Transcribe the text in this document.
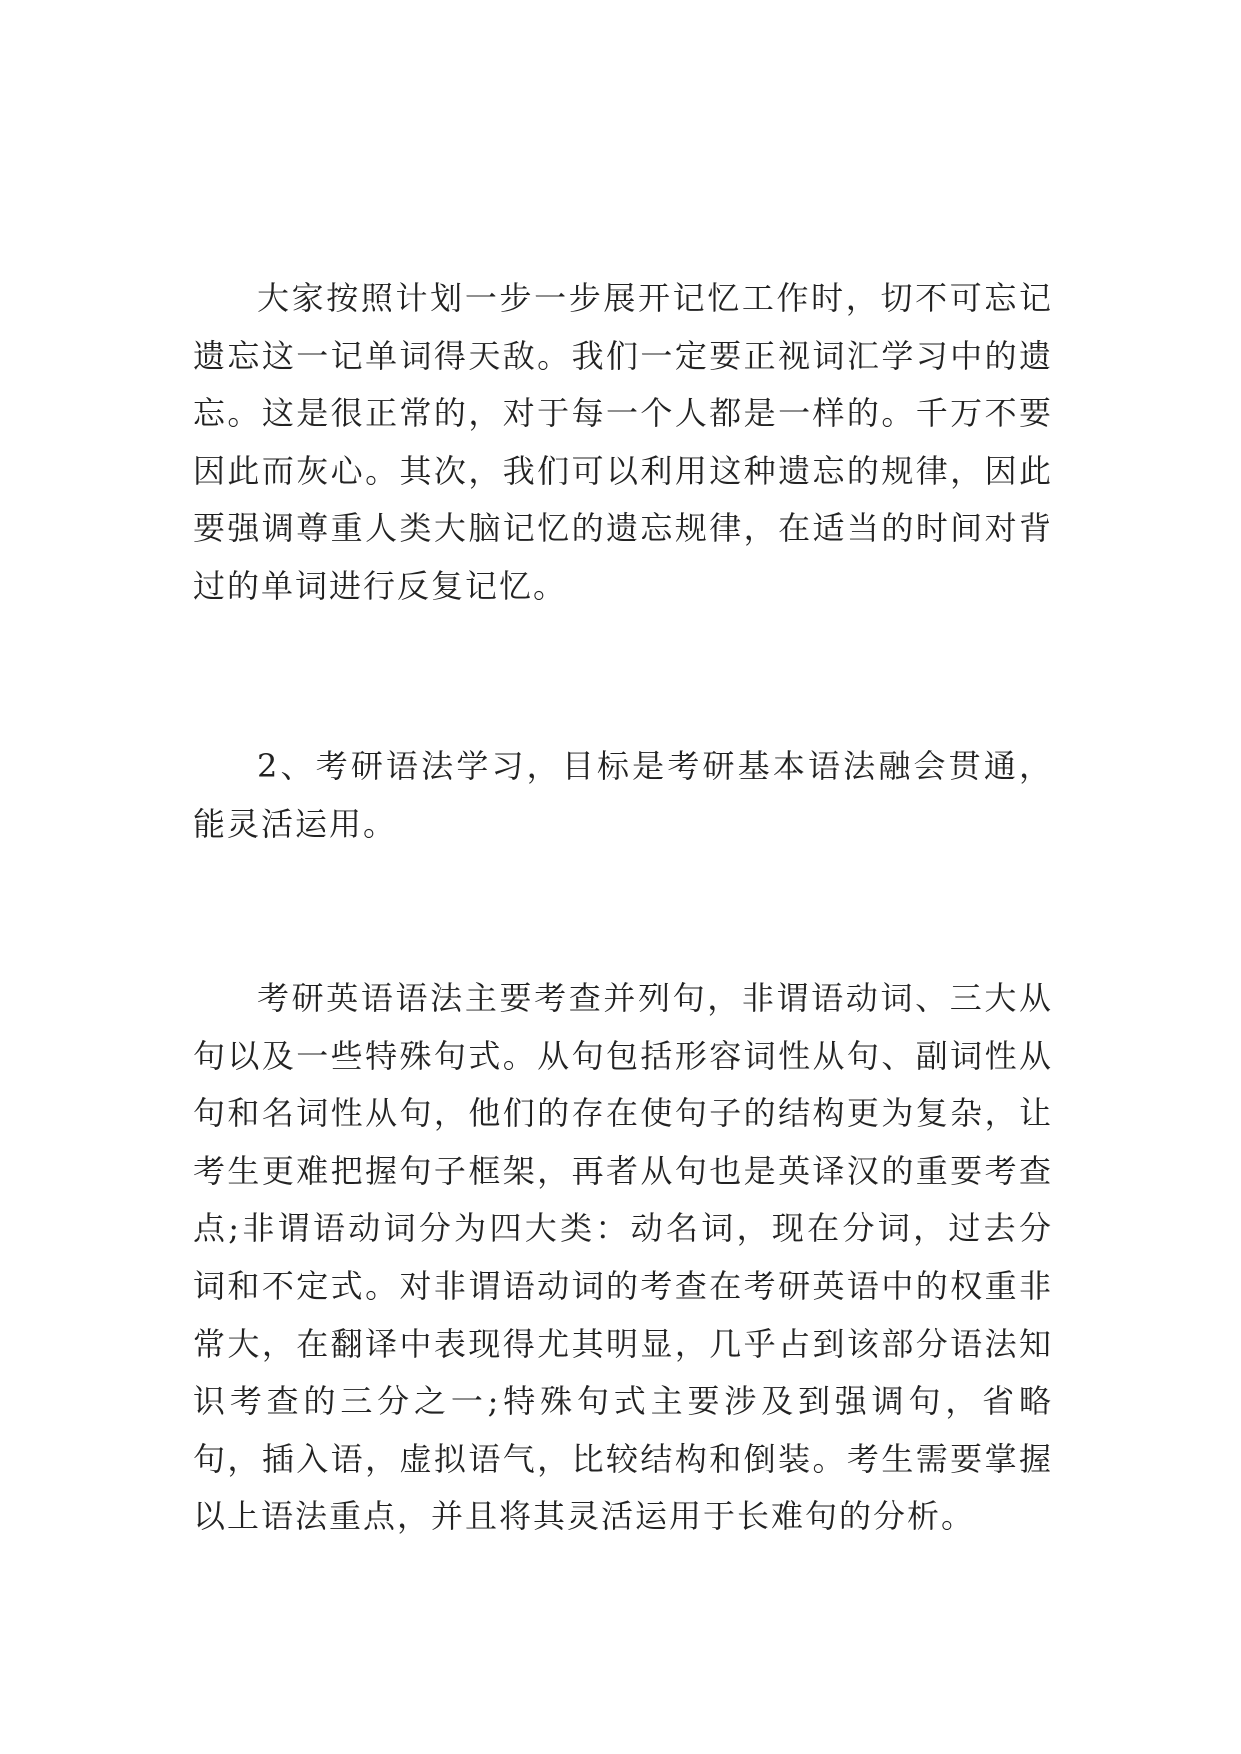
大家按照计划一步一步展开记忆工作时，切不可忘记遗忘这一记单词得天敌。我们一定要正视词汇学习中的遗忘。这是很正常的，对于每一个人都是一样的。千万不要因此而灰心。其次，我们可以利用这种遗忘的规律，因此要强调尊重人类大脑记忆的遗忘规律，在适当的时间对背过的单词进行反复记忆。

2、考研语法学习，目标是考研基本语法融会贯通，能灵活运用。

考研英语语法主要考查并列句，非谓语动词、三大从句以及一些特殊句式。从句包括形容词性从句、副词性从句和名词性从句，他们的存在使句子的结构更为复杂，让考生更难把握句子框架，再者从句也是英译汉的重要考查点;非谓语动词分为四大类：动名词，现在分词，过去分词和不定式。对非谓语动词的考查在考研英语中的权重非常大，在翻译中表现得尤其明显，几乎占到该部分语法知识考查的三分之一;特殊句式主要涉及到强调句，省略句，插入语，虚拟语气，比较结构和倒装。考生需要掌握以上语法重点，并且将其灵活运用于长难句的分析。
